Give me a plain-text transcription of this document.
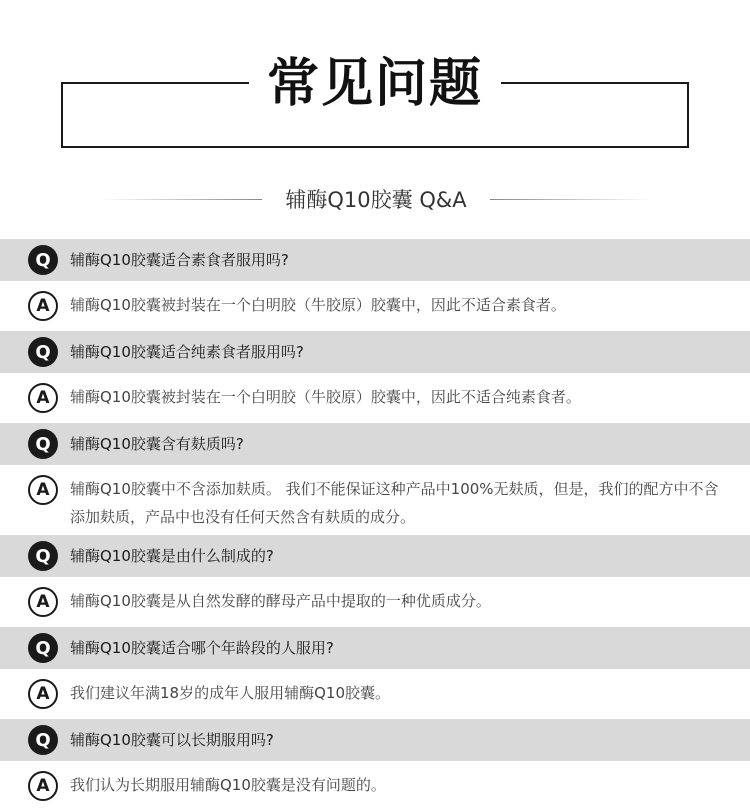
常见问题
辅酶Q10胶囊 Q&A
Q	辅酶Q10胶囊适合素食者服用吗?
A	辅酶Q10胶囊被封装在一个白明胶（牛胶原）胶囊中，因此不适合素食者。
Q	辅酶Q10胶囊适合纯素食者服用吗?
A	辅酶Q10胶囊被封装在一个白明胶（牛胶原）胶囊中，因此不适合纯素食者。
Q	辅酶Q10胶囊含有麸质吗?
A	辅酶Q10胶囊中不含添加麸质。 我们不能保证这种产品中100%无麸质，但是，我们的配方中不含添加麸质，产品中也没有任何天然含有麸质的成分。
Q	辅酶Q10胶囊是由什么制成的?
A	辅酶Q10胶囊是从自然发酵的酵母产品中提取的一种优质成分。
Q	辅酶Q10胶囊适合哪个年龄段的人服用?
A	我们建议年满18岁的成年人服用辅酶Q10胶囊。
Q	辅酶Q10胶囊可以长期服用吗?
A	我们认为长期服用辅酶Q10胶囊是没有问题的。
